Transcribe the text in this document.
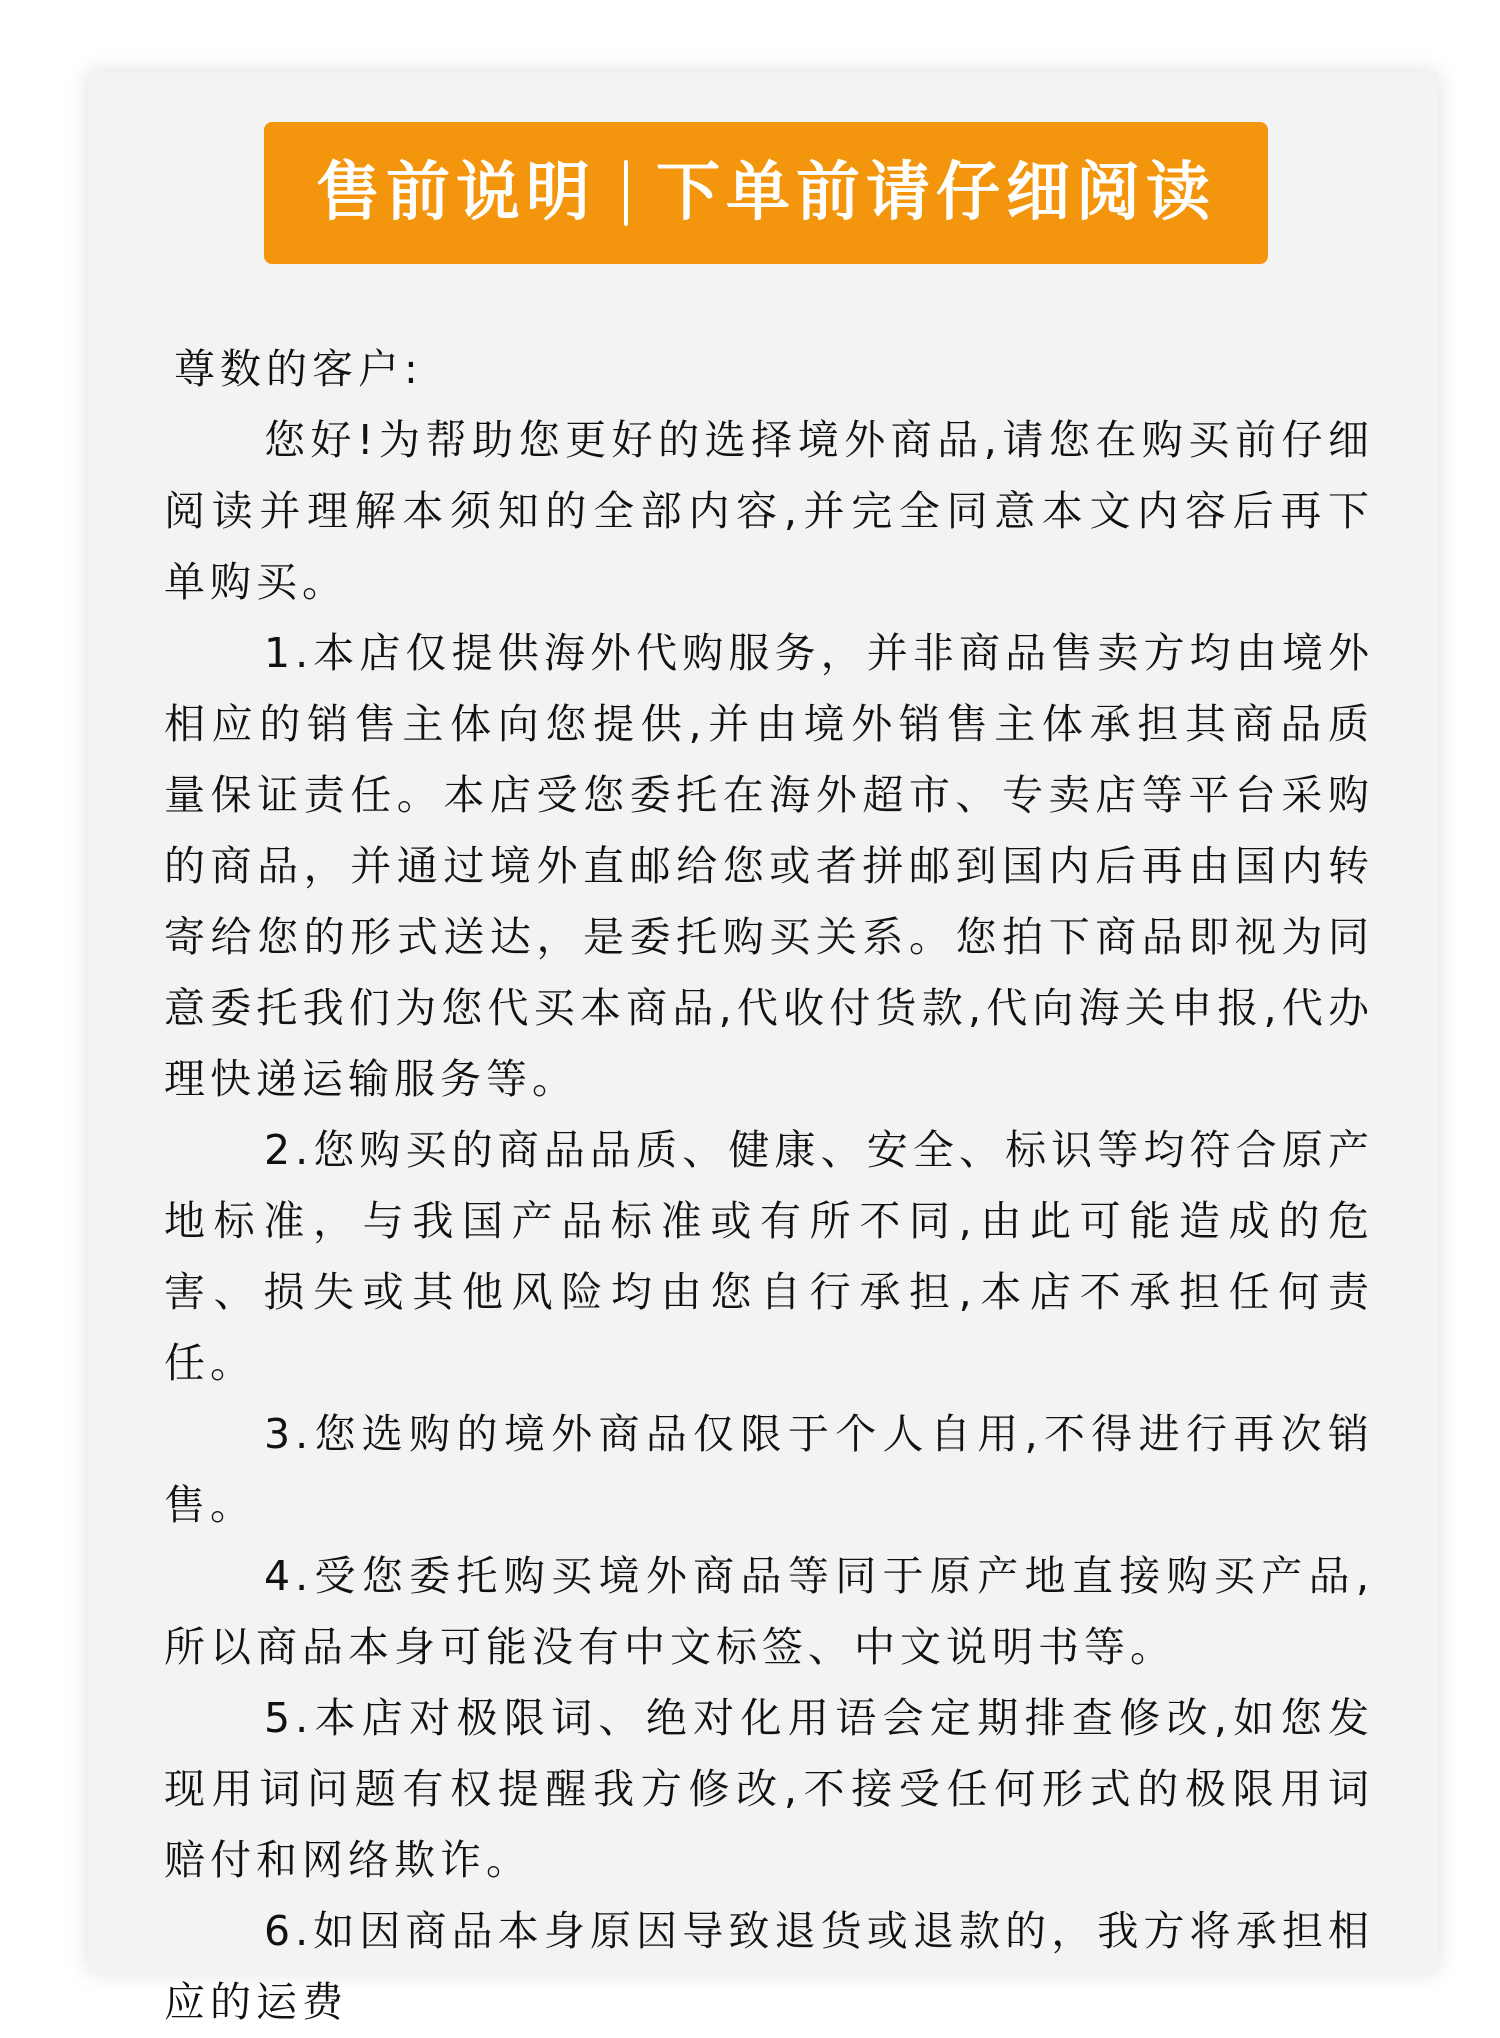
售前说明 下单前请仔细阅读

尊数的客户:

您好!为帮助您更好的选择境外商品,请您在购买前仔细阅读并理解本须知的全部内容,并完全同意本文内容后再下单购买。

1.本店仅提供海外代购服务，并非商品售卖方均由境外相应的销售主体向您提供,并由境外销售主体承担其商品质量保证责任。本店受您委托在海外超市、专卖店等平台采购的商品，并通过境外直邮给您或者拼邮到国内后再由国内转寄给您的形式送达，是委托购买关系。您拍下商品即视为同意委托我们为您代买本商品,代收付货款,代向海关申报,代办理快递运输服务等。

2.您购买的商品品质、健康、安全、标识等均符合原产地标准，与我国产品标准或有所不同,由此可能造成的危害、损失或其他风险均由您自行承担,本店不承担任何责任。

3.您选购的境外商品仅限于个人自用,不得进行再次销售。

4.受您委托购买境外商品等同于原产地直接购买产品,所以商品本身可能没有中文标签、中文说明书等。

5.本店对极限词、绝对化用语会定期排查修改,如您发现用词问题有权提醒我方修改,不接受任何形式的极限用词赔付和网络欺诈。

6.如因商品本身原因导致退货或退款的，我方将承担相应的运费
